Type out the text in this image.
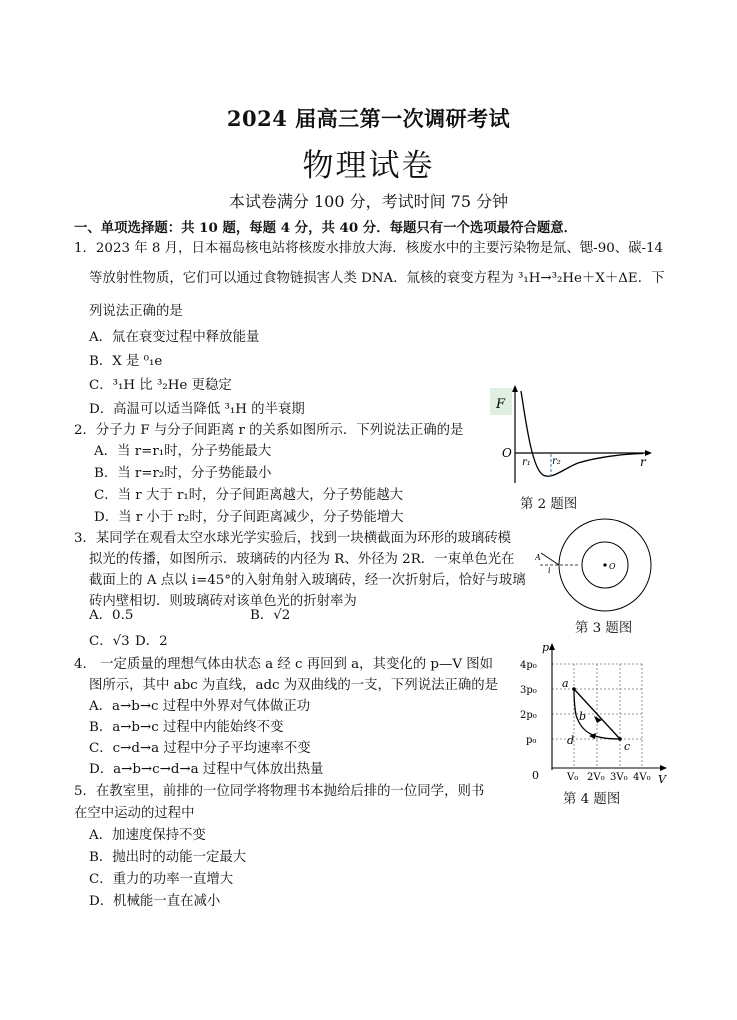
2024 届高三第一次调研考试
物理试卷
本试卷满分 100 分，考试时间 75 分钟
一、单项选择题：共 10 题，每题 4 分，共 40 分．每题只有一个选项最符合题意．
1．2023 年 8 月，日本福岛核电站将核废水排放大海．核废水中的主要污染物是氚、锶-90、碳-14
等放射性物质，它们可以通过食物链损害人类 DNA．氚核的衰变方程为 ³₁H→³₂He＋X＋ΔE．下
列说法正确的是
A．氚在衰变过程中释放能量
B．X 是 ⁰₁e
C．³₁H 比 ³₂He 更稳定
D．高温可以适当降低 ³₁H 的半衰期
2．分子力 F 与分子间距离 r 的关系如图所示．下列说法正确的是
A．当 r=r₁时，分子势能最大
B．当 r=r₂时，分子势能最小
C．当 r 大于 r₁时，分子间距离越大，分子势能越大
D．当 r 小于 r₂时，分子间距离减少，分子势能增大
F
O
r
r₁ r₂
第 2 题图
3．某同学在观看太空水球光学实验后，找到一块横截面为环形的玻璃砖模
拟光的传播，如图所示．玻璃砖的内径为 R、外径为 2R．一束单色光在
截面上的 A 点以 i=45°的入射角射入玻璃砖，经一次折射后，恰好与玻璃
砖内壁相切．则玻璃砖对该单色光的折射率为
A．0.5	B．√2
C．√3 D．2
O
A
i
第 3 题图
4． 一定质量的理想气体由状态 a 经 c 再回到 a，其变化的 p—V 图如
图所示，其中 abc 为直线，adc 为双曲线的一支，下列说法正确的是
A．a→b→c 过程中外界对气体做正功
B．a→b→c 过程中内能始终不变
C．c→d→a 过程中分子平均速率不变
D．a→b→c→d→a 过程中气体放出热量
p
V
0
4p₀
3p₀
2p₀
p₀
V₀ 2V₀ 3V₀ 4V₀
a
b
c
d
第 4 题图
5．在教室里，前排的一位同学将物理书本抛给后排的一位同学，则书
在空中运动的过程中
A．加速度保持不变
B．抛出时的动能一定最大
C．重力的功率一直增大
D．机械能一直在减小
